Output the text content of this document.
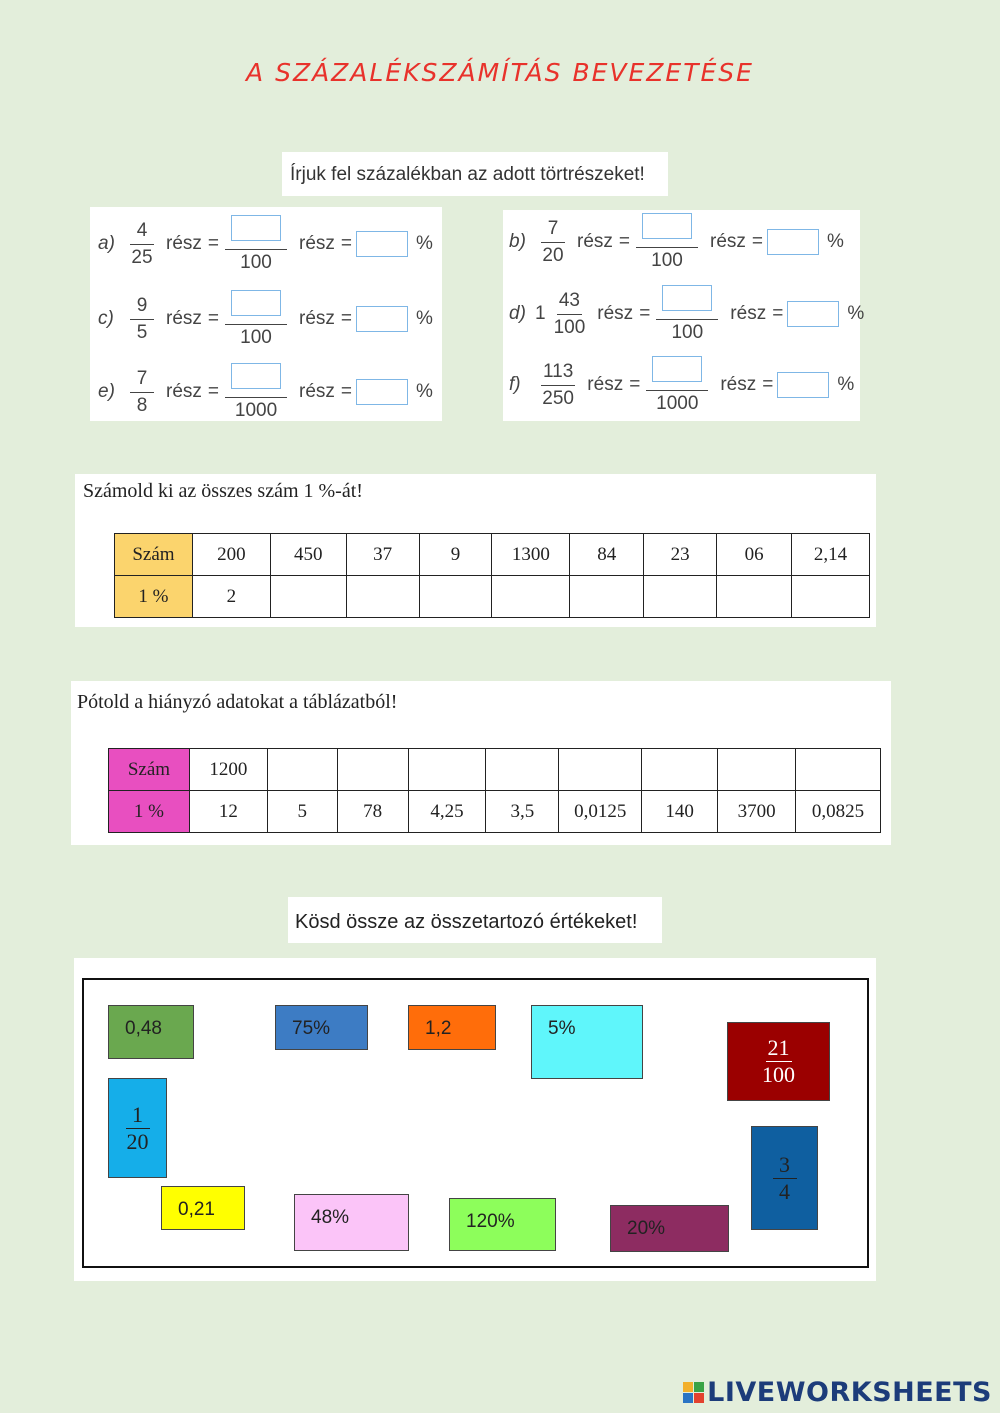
A SZÁZALÉKSZÁMÍTÁS BEVEZETÉSE
Írjuk fel százalékban az adott törtrészeket!
$a) \frac{4}{25}$ rész =
100
rész =	%
$c) \frac{9}{5}$ rész =
100
rész =	%
$e) \frac{7}{8}$ rész =
1000
rész =	%
$b) \frac{7}{20}$ rész =
100
rész =	%
d) $1 \frac{43}{100}$ rész =
100
rész =	%
f)	$\frac{113}{250}$ rész =
1000
rész =	%
Számold ki az összes szám 1 %-át!
Szám	200	450	37	9	1300	84	23	06	2,14
1 %	2								
Pótold a hiányzó adatokat a táblázatból!
Szám	1200								
1 %	12	5	78	4,25	3,5	0,0125	140	3700	0,0825
Kösd össze az összetartozó értékeket!
0,48	75%	1,2	5%
$\frac{21}{100}$
$\frac{1}{20}$
$\frac{3}{4}$
0,21	48%	120%	20%
LIVEWORKSHEETS
